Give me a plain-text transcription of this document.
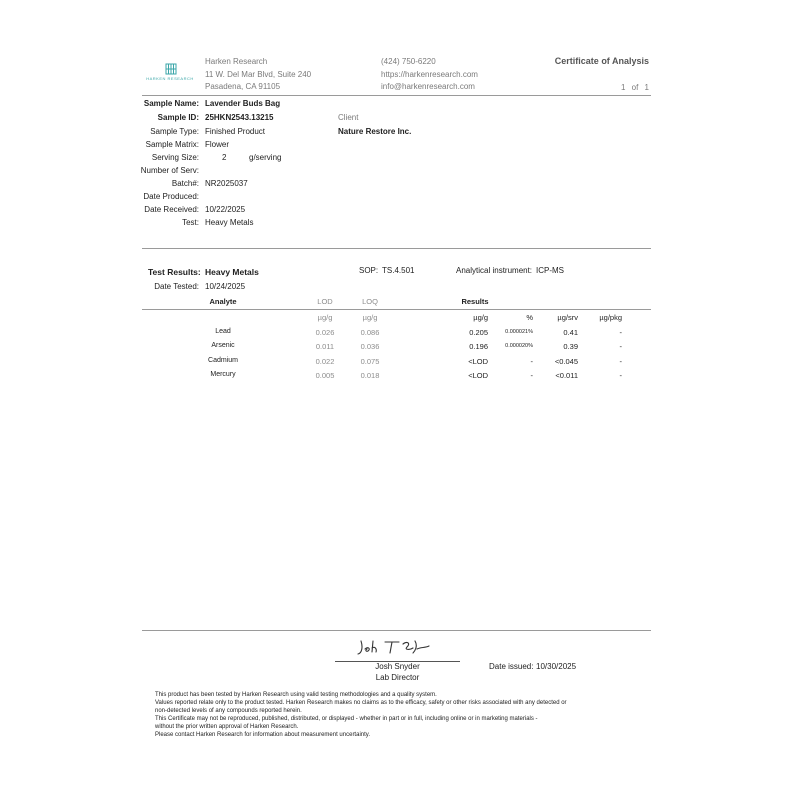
HARKEN RESEARCH
Harken Research
11 W. Del Mar Blvd, Suite 240
Pasadena, CA 91105
(424) 750-6220
https://harkenresearch.com
info@harkenresearch.com
Certificate of Analysis
1 of 1
Sample Name: Lavender Buds Bag
Sample ID: 25HKN2543.13215
Sample Type: Finished Product
Sample Matrix: Flower
Serving Size:	2	g/serving
Number of Serv:
Batch#: NR2025037
Date Produced:
Date Received: 10/22/2025
Test: Heavy Metals
Client
Nature Restore Inc.
Test Results: Heavy Metals	SOP: TS.4.501	Analytical instrument: ICP-MS
Date Tested: 10/24/2025
Analyte	LOD	LOQ	Results
µg/g	µg/g	µg/g	%	µg/srv	µg/pkg
Lead	0.026	0.086	0.205	0.000021%	0.41	-
Arsenic	0.011	0.036	0.196	0.000020%	0.39	-
Cadmium	0.022	0.075	<LOD	-	<0.045	-
Mercury	0.005	0.018	<LOD	-	<0.011	-
Josh Snyder
Lab Director
Date issued: 10/30/2025
This product has been tested by Harken Research using valid testing methodologies and a quality system.
Values reported relate only to the product tested. Harken Research makes no claims as to the efficacy, safety or other risks associated with any detected or
non-detected levels of any compounds reported herein.
This Certificate may not be reproduced, published, distributed, or displayed - whether in part or in full, including online or in marketing materials -
without the prior written approval of Harken Research.
Please contact Harken Research for information about measurement uncertainty.
